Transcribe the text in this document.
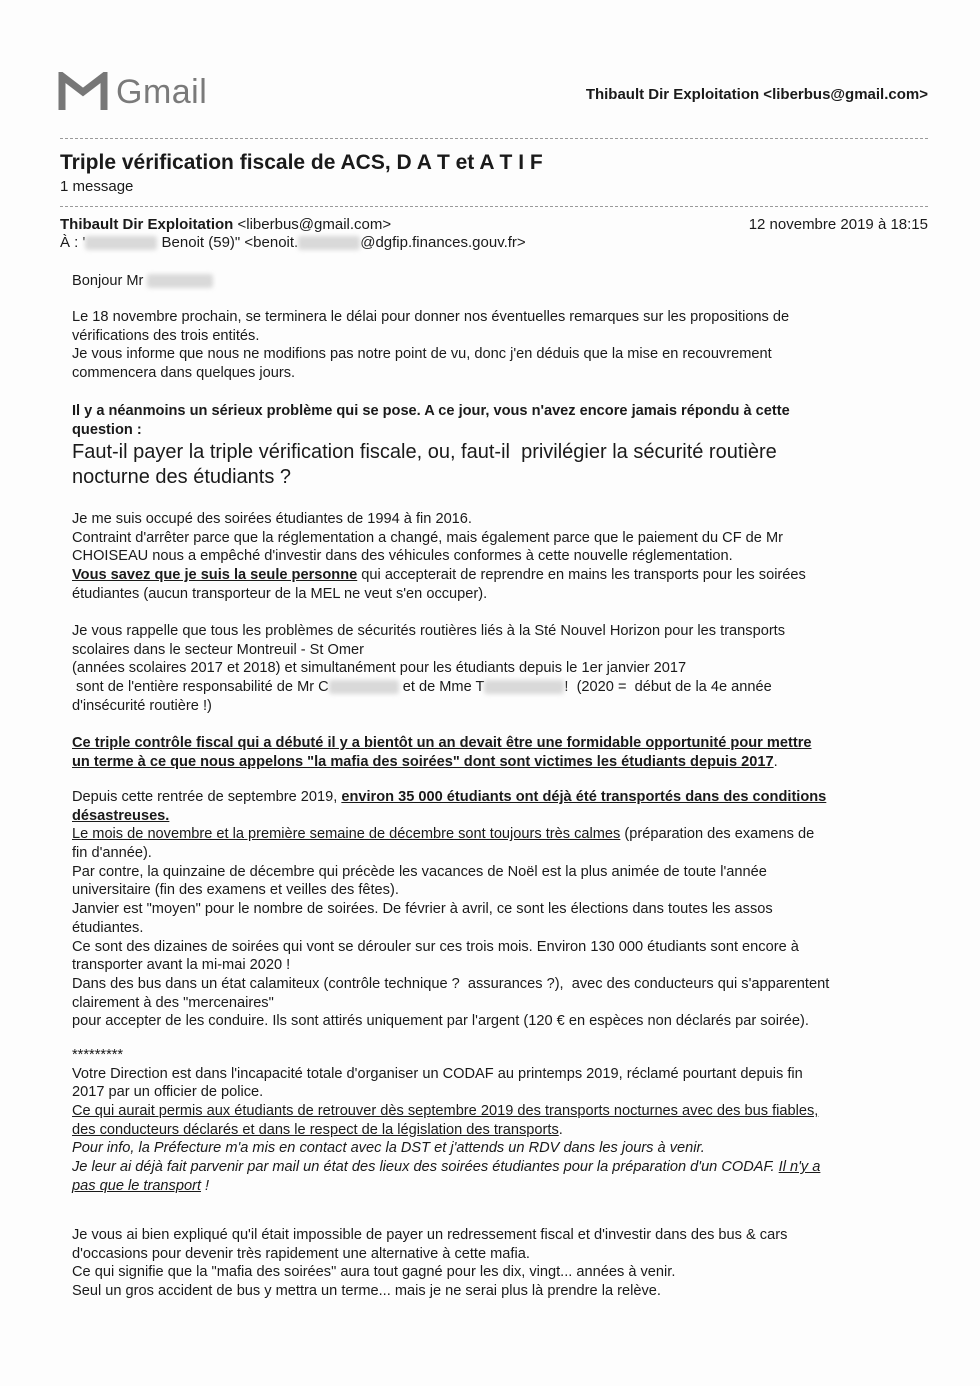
Gmail	Thibault Dir Exploitation <liberbus@gmail.com>
Triple vérification fiscale de ACS, D A T et A T I F
1 message
Thibault Dir Exploitation <liberbus@gmail.com>
À : '	Benoit (59)" <benoit.	@dgfip.finances.gouv.fr>
12 novembre 2019 à 18:15
Bonjour Mr
Le 18 novembre prochain, se terminera le délai pour donner nos éventuelles remarques sur les propositions de
vérifications des trois entités.
Je vous informe que nous ne modifions pas notre point de vu, donc j'en déduis que la mise en recouvrement
commencera dans quelques jours.
Il y a néanmoins un sérieux problème qui se pose. A ce jour, vous n'avez encore jamais répondu à cette
question :
Faut-il payer la triple vérification fiscale, ou, faut-il  privilégier la sécurité routière
nocturne des étudiants ?
Je me suis occupé des soirées étudiantes de 1994 à fin 2016.
Contraint d'arrêter parce que la réglementation a changé, mais également parce que le paiement du CF de Mr
CHOISEAU nous a empêché d'investir dans des véhicules conformes à cette nouvelle réglementation.
Vous savez que je suis la seule personne qui accepterait de reprendre en mains les transports pour les soirées
étudiantes (aucun transporteur de la MEL ne veut s'en occuper).
Je vous rappelle que tous les problèmes de sécurités routières liés à la Sté Nouvel Horizon pour les transports
scolaires dans le secteur Montreuil - St Omer
(années scolaires 2017 et 2018) et simultanément pour les étudiants depuis le 1er janvier 2017
sont de l'entière responsabilité de Mr C	et de Mme T	!  (2020 =  début de la 4e année
d'insécurité routière !)
Ce triple contrôle fiscal qui a débuté il y a bientôt un an devait être une formidable opportunité pour mettre
un terme à ce que nous appelons "la mafia des soirées" dont sont victimes les étudiants depuis 2017.
Depuis cette rentrée de septembre 2019, environ 35 000 étudiants ont déjà été transportés dans des conditions
désastreuses.
Le mois de novembre et la première semaine de décembre sont toujours très calmes (préparation des examens de
fin d'année).
Par contre, la quinzaine de décembre qui précède les vacances de Noël est la plus animée de toute l'année
universitaire (fin des examens et veilles des fêtes).
Janvier est "moyen" pour le nombre de soirées. De février à avril, ce sont les élections dans toutes les assos
étudiantes.
Ce sont des dizaines de soirées qui vont se dérouler sur ces trois mois. Environ 130 000 étudiants sont encore à
transporter avant la mi-mai 2020 !
Dans des bus dans un état calamiteux (contrôle technique ?  assurances ?),  avec des conducteurs qui s'apparentent
clairement à des "mercenaires"
pour accepter de les conduire. Ils sont attirés uniquement par l'argent (120 € en espèces non déclarés par soirée).
*********
Votre Direction est dans l'incapacité totale d'organiser un CODAF au printemps 2019, réclamé pourtant depuis fin
2017 par un officier de police.
Ce qui aurait permis aux étudiants de retrouver dès septembre 2019 des transports nocturnes avec des bus fiables,
des conducteurs déclarés et dans le respect de la législation des transports.
Pour info, la Préfecture m'a mis en contact avec la DST et j'attends un RDV dans les jours à venir.
Je leur ai déjà fait parvenir par mail un état des lieux des soirées étudiantes pour la préparation d'un CODAF. Il n'y a
pas que le transport !
Je vous ai bien expliqué qu'il était impossible de payer un redressement fiscal et d'investir dans des bus & cars
d'occasions pour devenir très rapidement une alternative à cette mafia.
Ce qui signifie que la "mafia des soirées" aura tout gagné pour les dix, vingt... années à venir.
Seul un gros accident de bus y mettra un terme... mais je ne serai plus là prendre la relève.
